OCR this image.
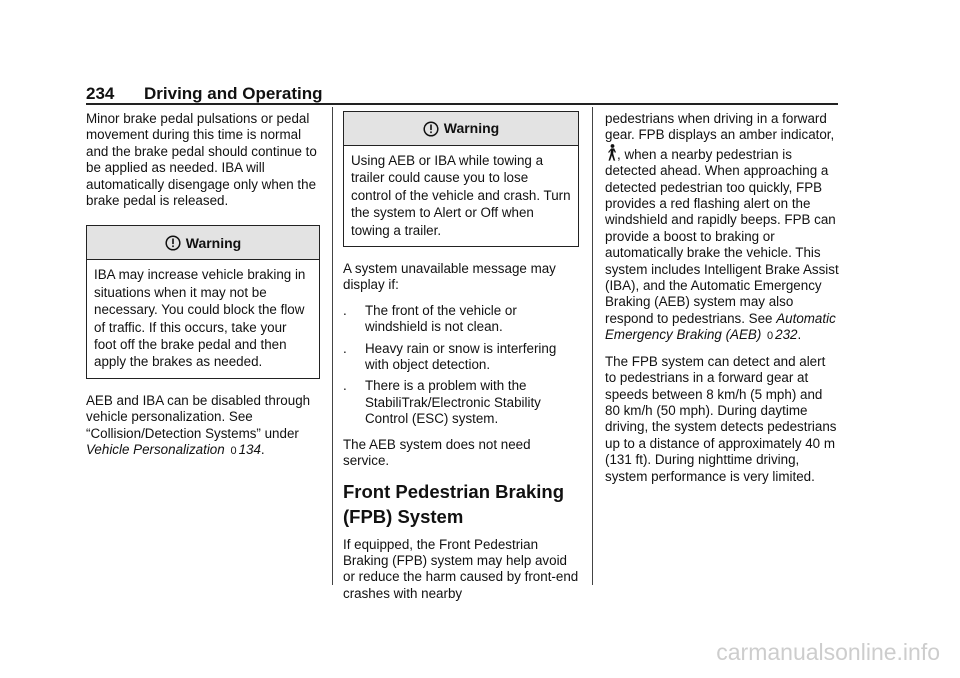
234 Driving and Operating

Minor brake pedal pulsations or pedal movement during this time is normal and the brake pedal should continue to be applied as needed. IBA will automatically disengage only when the brake pedal is released.

Warning
IBA may increase vehicle braking in situations when it may not be necessary. You could block the flow of traffic. If this occurs, take your foot off the brake pedal and then apply the brakes as needed.

AEB and IBA can be disabled through vehicle personalization. See “Collision/Detection Systems” under Vehicle Personalization 0 134.

Warning
Using AEB or IBA while towing a trailer could cause you to lose control of the vehicle and crash. Turn the system to Alert or Off when towing a trailer.

A system unavailable message may display if:

. The front of the vehicle or windshield is not clean.
. Heavy rain or snow is interfering with object detection.
. There is a problem with the StabiliTrak/Electronic Stability Control (ESC) system.

The AEB system does not need service.

Front Pedestrian Braking (FPB) System

If equipped, the Front Pedestrian Braking (FPB) system may help avoid or reduce the harm caused by front-end crashes with nearby

pedestrians when driving in a forward gear. FPB displays an amber indicator,, when a nearby pedestrian is detected ahead. When approaching a detected pedestrian too quickly, FPB provides a red flashing alert on the windshield and rapidly beeps. FPB can provide a boost to braking or automatically brake the vehicle. This system includes Intelligent Brake Assist (IBA), and the Automatic Emergency Braking (AEB) system may also respond to pedestrians. See Automatic Emergency Braking (AEB) 0 232.

The FPB system can detect and alert to pedestrians in a forward gear at speeds between 8 km/h (5 mph) and 80 km/h (50 mph). During daytime driving, the system detects pedestrians up to a distance of approximately 40 m (131 ft). During nighttime driving, system performance is very limited.

carmanualsonline.info
